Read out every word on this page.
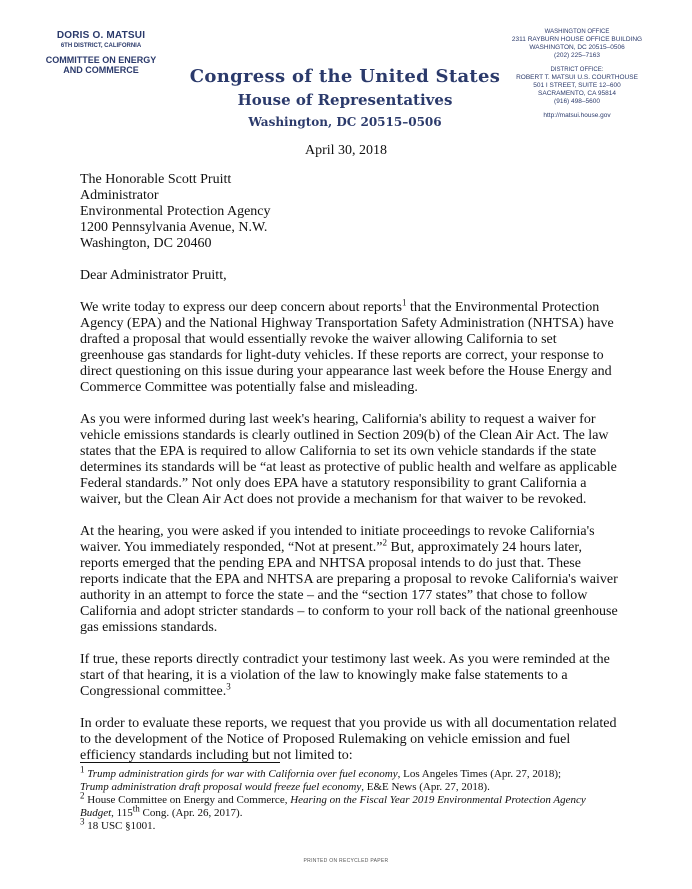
DORIS O. MATSUI
6TH DISTRICT, CALIFORNIA
COMMITTEE ON ENERGY
AND COMMERCE	Congress of the United States
House of Representatives
Washington, DC 20515–0506
WASHINGTON OFFICE
2311 RAYBURN HOUSE OFFICE BUILDING
WASHINGTON, DC 20515–0506
(202) 225–7163
DISTRICT OFFICE:
ROBERT T. MATSUI U.S. COURTHOUSE
501 I STREET, SUITE 12–600
SACRAMENTO, CA 95814
(916) 498–5600
http://matsui.house.gov
April 30, 2018
The Honorable Scott Pruitt
Administrator
Environmental Protection Agency
1200 Pennsylvania Avenue, N.W.
Washington, DC 20460
Dear Administrator Pruitt,
We write today to express our deep concern about reports$^1$ that the Environmental Protection Agency (EPA) and the National Highway Transportation Safety Administration (NHTSA) have drafted a proposal that would essentially revoke the waiver allowing California to set greenhouse gas standards for light-duty vehicles. If these reports are correct, your response to direct questioning on this issue during your appearance last week before the House Energy and Commerce Committee was potentially false and misleading.
As you were informed during last week's hearing, California's ability to request a waiver for vehicle emissions standards is clearly outlined in Section 209(b) of the Clean Air Act. The law states that the EPA is required to allow California to set its own vehicle standards if the state determines its standards will be “at least as protective of public health and welfare as applicable Federal standards.” Not only does EPA have a statutory responsibility to grant California a waiver, but the Clean Air Act does not provide a mechanism for that waiver to be revoked.
At the hearing, you were asked if you intended to initiate proceedings to revoke California's waiver. You immediately responded, “Not at present.”$^2$ But, approximately 24 hours later, reports emerged that the pending EPA and NHTSA proposal intends to do just that. These reports indicate that the EPA and NHTSA are preparing a proposal to revoke California's waiver authority in an attempt to force the state – and the “section 177 states” that chose to follow California and adopt stricter standards – to conform to your roll back of the national greenhouse gas emissions standards.
If true, these reports directly contradict your testimony last week. As you were reminded at the start of that hearing, it is a violation of the law to knowingly make false statements to a Congressional committee.$^3$
In order to evaluate these reports, we request that you provide us with all documentation related to the development of the Notice of Proposed Rulemaking on vehicle emission and fuel efficiency standards including but not limited to:
$^1$ Trump administration girds for war with California over fuel economy, Los Angeles Times (Apr. 27, 2018);
Trump administration draft proposal would freeze fuel economy, E&E News (Apr. 27, 2018).
$^2$ House Committee on Energy and Commerce, Hearing on the Fiscal Year 2019 Environmental Protection Agency Budget, 115th Cong. (Apr. 26, 2017).
$^3$ 18 USC §1001.
PRINTED ON RECYCLED PAPER
